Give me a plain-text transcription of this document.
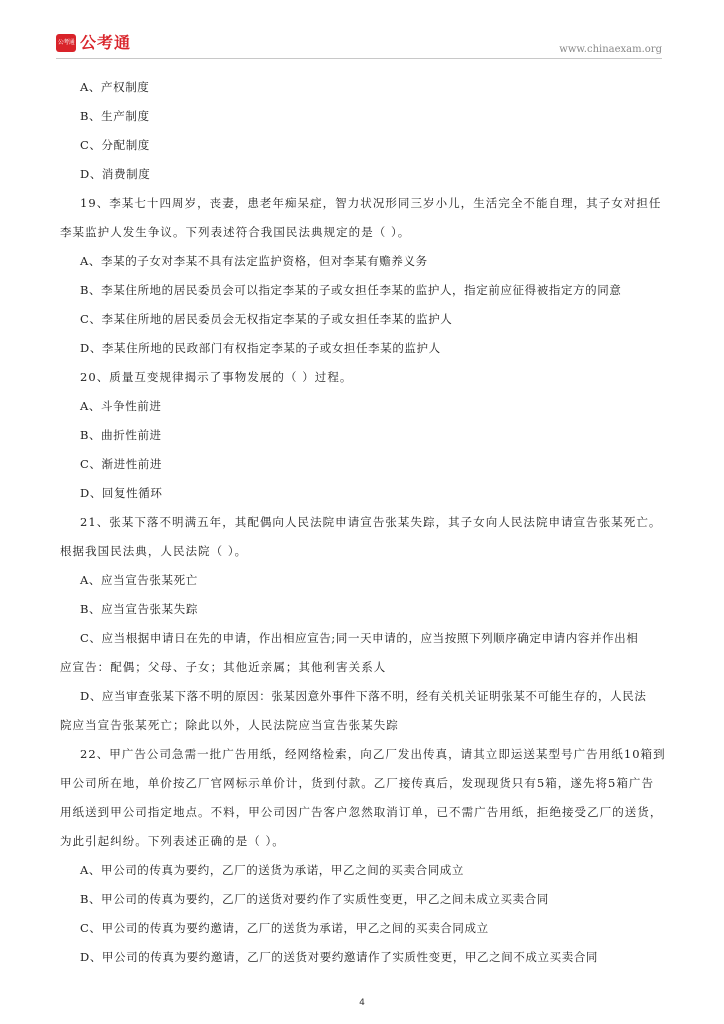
公考通 公考通	www.chinaexam.org
A、产权制度
B、生产制度
C、分配制度
D、消费制度
19、李某七十四周岁，丧妻，患老年痴呆症，智力状况形同三岁小儿，生活完全不能自理，其子女对担任
李某监护人发生争议。下列表述符合我国民法典规定的是（ ）。
A、李某的子女对李某不具有法定监护资格，但对李某有赡养义务
B、李某住所地的居民委员会可以指定李某的子或女担任李某的监护人，指定前应征得被指定方的同意
C、李某住所地的居民委员会无权指定李某的子或女担任李某的监护人
D、李某住所地的民政部门有权指定李某的子或女担任李某的监护人
20、质量互变规律揭示了事物发展的（ ）过程。
A、斗争性前进
B、曲折性前进
C、渐进性前进
D、回复性循环
21、张某下落不明满五年，其配偶向人民法院申请宣告张某失踪，其子女向人民法院申请宣告张某死亡。
根据我国民法典，人民法院（ ）。
A、应当宣告张某死亡
B、应当宣告张某失踪
C、应当根据申请日在先的申请，作出相应宣告;同一天申请的，应当按照下列顺序确定申请内容并作出相
应宣告：配偶；父母、子女；其他近亲属；其他利害关系人
D、应当审查张某下落不明的原因：张某因意外事件下落不明，经有关机关证明张某不可能生存的，人民法
院应当宣告张某死亡；除此以外，人民法院应当宣告张某失踪
22、甲广告公司急需一批广告用纸，经网络检索，向乙厂发出传真，请其立即运送某型号广告用纸10箱到
甲公司所在地，单价按乙厂官网标示单价计，货到付款。乙厂接传真后，发现现货只有5箱，遂先将5箱广告
用纸送到甲公司指定地点。不料，甲公司因广告客户忽然取消订单，已不需广告用纸，拒绝接受乙厂的送货，
为此引起纠纷。下列表述正确的是（ ）。
A、甲公司的传真为要约，乙厂的送货为承诺，甲乙之间的买卖合同成立
B、甲公司的传真为要约，乙厂的送货对要约作了实质性变更，甲乙之间未成立买卖合同
C、甲公司的传真为要约邀请，乙厂的送货为承诺，甲乙之间的买卖合同成立
D、甲公司的传真为要约邀请，乙厂的送货对要约邀请作了实质性变更，甲乙之间不成立买卖合同
4
